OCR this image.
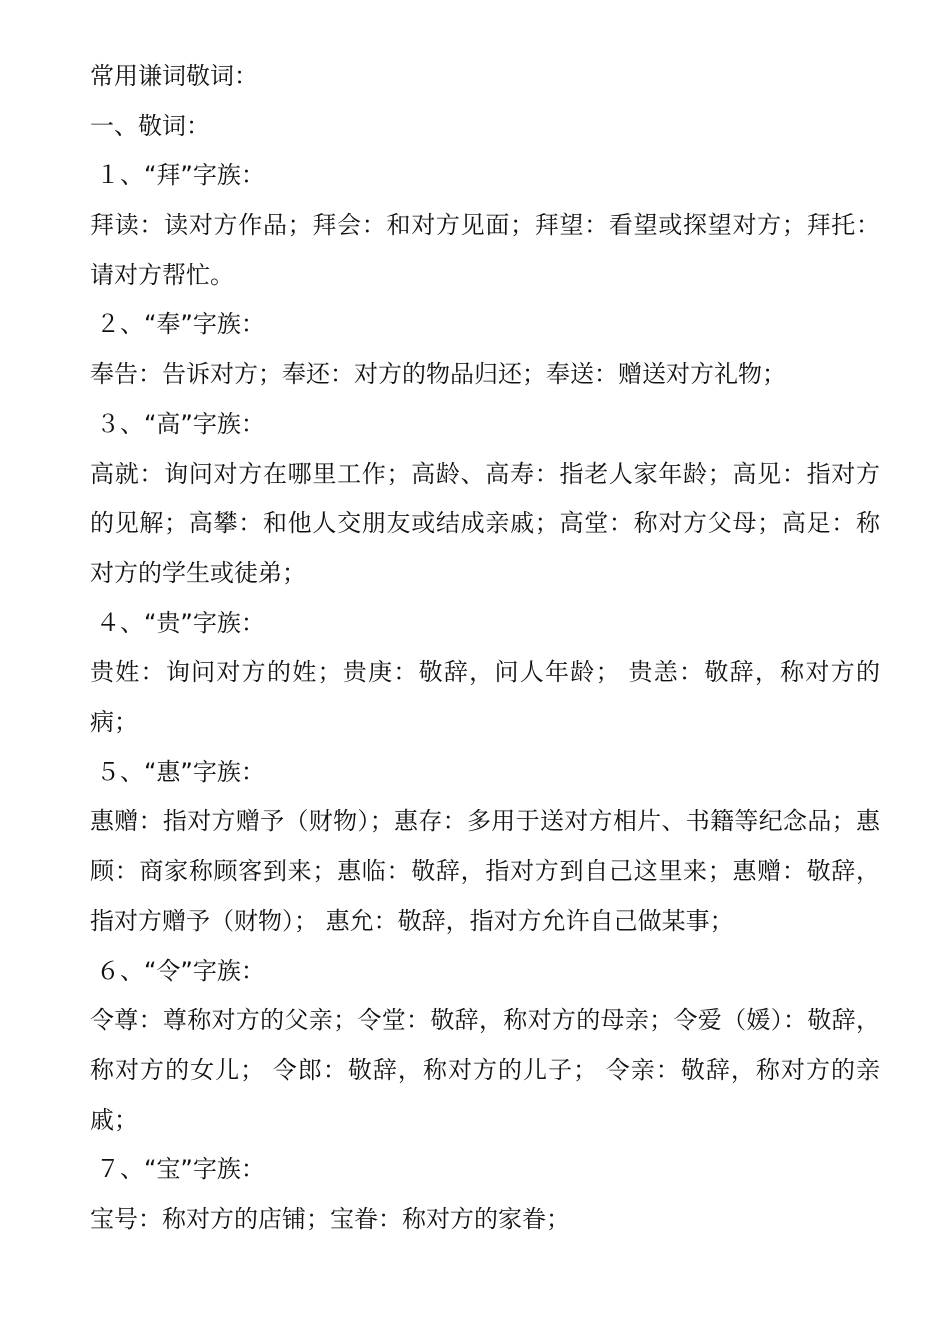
常用谦词敬词：
一、敬词：
１、“拜”字族：

拜读：读对方作品；拜会：和对方见面；拜望：看望或探望对方；拜托：请对方帮忙。

２、“奉”字族：

奉告：告诉对方；奉还：对方的物品归还；奉送：赠送对方礼物；

３、“高”字族：

高就：询问对方在哪里工作；高龄、高寿：指老人家年龄；高见：指对方的见解；高攀：和他人交朋友或结成亲戚；高堂：称对方父母；高足：称对方的学生或徒弟；

４、“贵”字族：

贵姓：询问对方的姓；贵庚：敬辞，问人年龄； 贵恙：敬辞，称对方的病；

５、“惠”字族：

惠赠：指对方赠予（财物）；惠存：多用于送对方相片、书籍等纪念品；惠顾：商家称顾客到来；惠临：敬辞，指对方到自己这里来；惠赠：敬辞，指对方赠予（财物）； 惠允：敬辞，指对方允许自己做某事；

６、“令”字族：

令尊：尊称对方的父亲；令堂：敬辞，称对方的母亲；令爱（媛）：敬辞，称对方的女儿； 令郎：敬辞，称对方的儿子； 令亲：敬辞，称对方的亲戚；

７、“宝”字族：

宝号：称对方的店铺；宝眷：称对方的家眷；
